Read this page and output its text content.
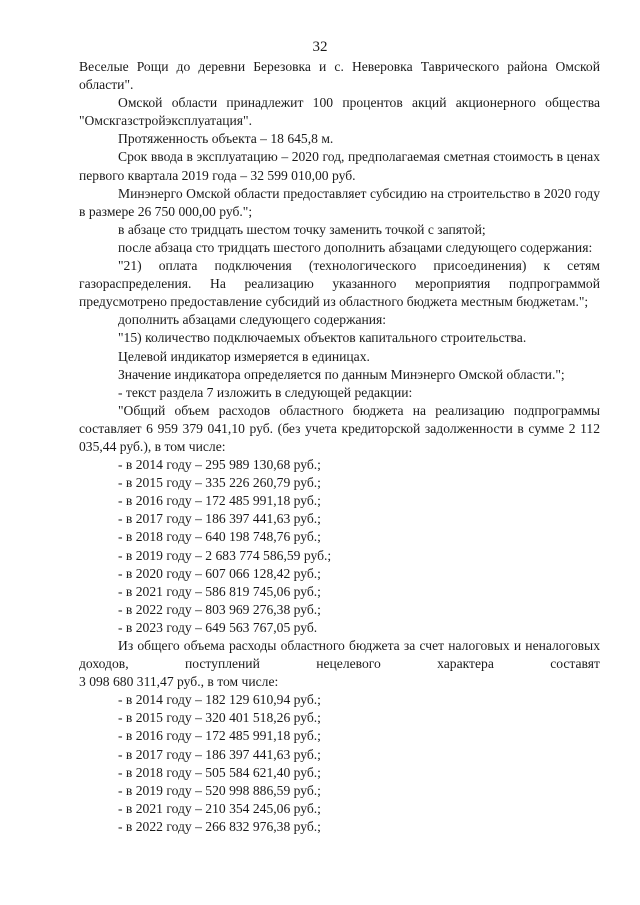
32

Веселые Рощи до деревни Березовка и с. Неверовка Таврического района Омской области".

Омской области принадлежит 100 процентов акций акционерного общества "Омскгазстройэксплуатация".

Протяженность объекта – 18 645,8 м.

Срок ввода в эксплуатацию – 2020 год, предполагаемая сметная стоимость в ценах первого квартала 2019 года – 32 599 010,00 руб.

Минэнерго Омской области предоставляет субсидию на строительство в 2020 году в размере 26 750 000,00 руб.";

в абзаце сто тридцать шестом точку заменить точкой с запятой;

после абзаца сто тридцать шестого дополнить абзацами следующего содержания:

"21) оплата подключения (технологического присоединения) к сетям газораспределения. На реализацию указанного мероприятия подпрограммой предусмотрено предоставление субсидий из областного бюджета местным бюджетам.";

дополнить абзацами следующего содержания:

"15) количество подключаемых объектов капитального строительства.

Целевой индикатор измеряется в единицах.

Значение индикатора определяется по данным Минэнерго Омской области.";

- текст раздела 7 изложить в следующей редакции:

"Общий объем расходов областного бюджета на реализацию подпрограммы составляет 6 959 379 041,10 руб. (без учета кредиторской задолженности в сумме 2 112 035,44 руб.), в том числе:

- в 2014 году – 295 989 130,68 руб.;

- в 2015 году – 335 226 260,79 руб.;

- в 2016 году – 172 485 991,18 руб.;

- в 2017 году – 186 397 441,63 руб.;

- в 2018 году – 640 198 748,76 руб.;

- в 2019 году – 2 683 774 586,59 руб.;

- в 2020 году – 607 066 128,42 руб.;

- в 2021 году – 586 819 745,06 руб.;

- в 2022 году – 803 969 276,38 руб.;

- в 2023 году – 649 563 767,05 руб.

Из общего объема расходы областного бюджета за счет налоговых и неналоговых доходов, поступлений нецелевого характера составят

3 098 680 311,47 руб., в том числе:

- в 2014 году – 182 129 610,94 руб.;

- в 2015 году – 320 401 518,26 руб.;

- в 2016 году – 172 485 991,18 руб.;

- в 2017 году – 186 397 441,63 руб.;

- в 2018 году – 505 584 621,40 руб.;

- в 2019 году – 520 998 886,59 руб.;

- в 2021 году – 210 354 245,06 руб.;

- в 2022 году – 266 832 976,38 руб.;
